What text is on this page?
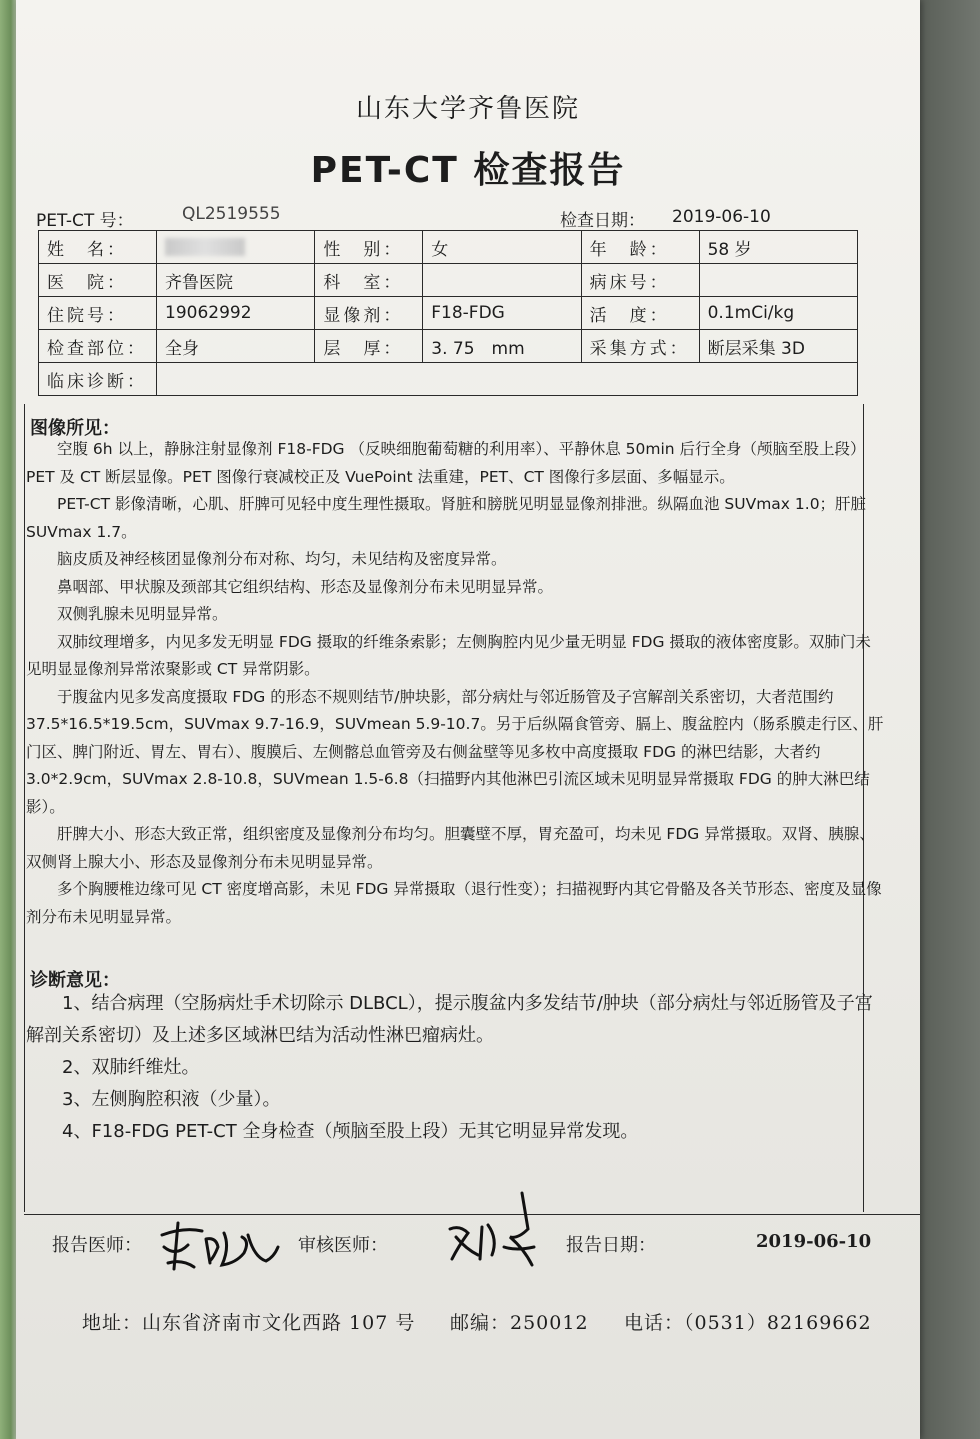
山东大学齐鲁医院
PET-CT 检查报告
PET-CT 号：	QL2519555	检查日期： 2019-06-10
姓　名：		性　别：	女	年　龄：	58 岁
医　院：	齐鲁医院	科　室：		病床号：	
住院号：	19062992	显像剂：	F18-FDG	活　度：	0.1mCi/kg
检查部位：	全身	层　厚：	3. 75　mm	采集方式：	断层采集 3D
临床诊断：					
图像所见：

空腹 6h 以上，静脉注射显像剂 F18-FDG （反映细胞葡萄糖的利用率）、平静休息 50min 后行全身（颅脑至股上段）PET 及 CT 断层显像。PET 图像行衰减校正及 VuePoint 法重建，PET、CT 图像行多层面、多幅显示。

PET-CT 影像清晰，心肌、肝脾可见轻中度生理性摄取。肾脏和膀胱见明显显像剂排泄。纵隔血池 SUVmax 1.0；肝脏 SUVmax 1.7。

脑皮质及神经核团显像剂分布对称、均匀，未见结构及密度异常。

鼻咽部、甲状腺及颈部其它组织结构、形态及显像剂分布未见明显异常。

双侧乳腺未见明显异常。

双肺纹理增多，内见多发无明显 FDG 摄取的纤维条索影；左侧胸腔内见少量无明显 FDG 摄取的液体密度影。双肺门未见明显显像剂异常浓聚影或 CT 异常阴影。

于腹盆内见多发高度摄取 FDG 的形态不规则结节/肿块影，部分病灶与邻近肠管及子宫解剖关系密切，大者范围约 37.5*16.5*19.5cm，SUVmax 9.7-16.9，SUVmean 5.9-10.7。另于后纵隔食管旁、膈上、腹盆腔内（肠系膜走行区、肝门区、脾门附近、胃左、胃右）、腹膜后、左侧髂总血管旁及右侧盆壁等见多枚中高度摄取 FDG 的淋巴结影，大者约 3.0*2.9cm，SUVmax 2.8-10.8，SUVmean 1.5-6.8（扫描野内其他淋巴引流区域未见明显异常摄取 FDG 的肿大淋巴结影）。

肝脾大小、形态大致正常，组织密度及显像剂分布均匀。胆囊壁不厚，胃充盈可，均未见 FDG 异常摄取。双肾、胰腺、双侧肾上腺大小、形态及显像剂分布未见明显异常。

多个胸腰椎边缘可见 CT 密度增高影，未见 FDG 异常摄取（退行性变）；扫描视野内其它骨骼及各关节形态、密度及显像剂分布未见明显异常。

诊断意见：

1、结合病理（空肠病灶手术切除示 DLBCL），提示腹盆内多发结节/肿块（部分病灶与邻近肠管及子宫解剖关系密切）及上述多区域淋巴结为活动性淋巴瘤病灶。

2、双肺纤维灶。

3、左侧胸腔积液（少量）。

4、F18-FDG PET-CT 全身检查（颅脑至股上段）无其它明显异常发现。

报告医师：	审核医师：	报告日期：	2019-06-10
地址：山东省济南市文化西路 107 号 邮编：250012 电话：（0531）82169662
